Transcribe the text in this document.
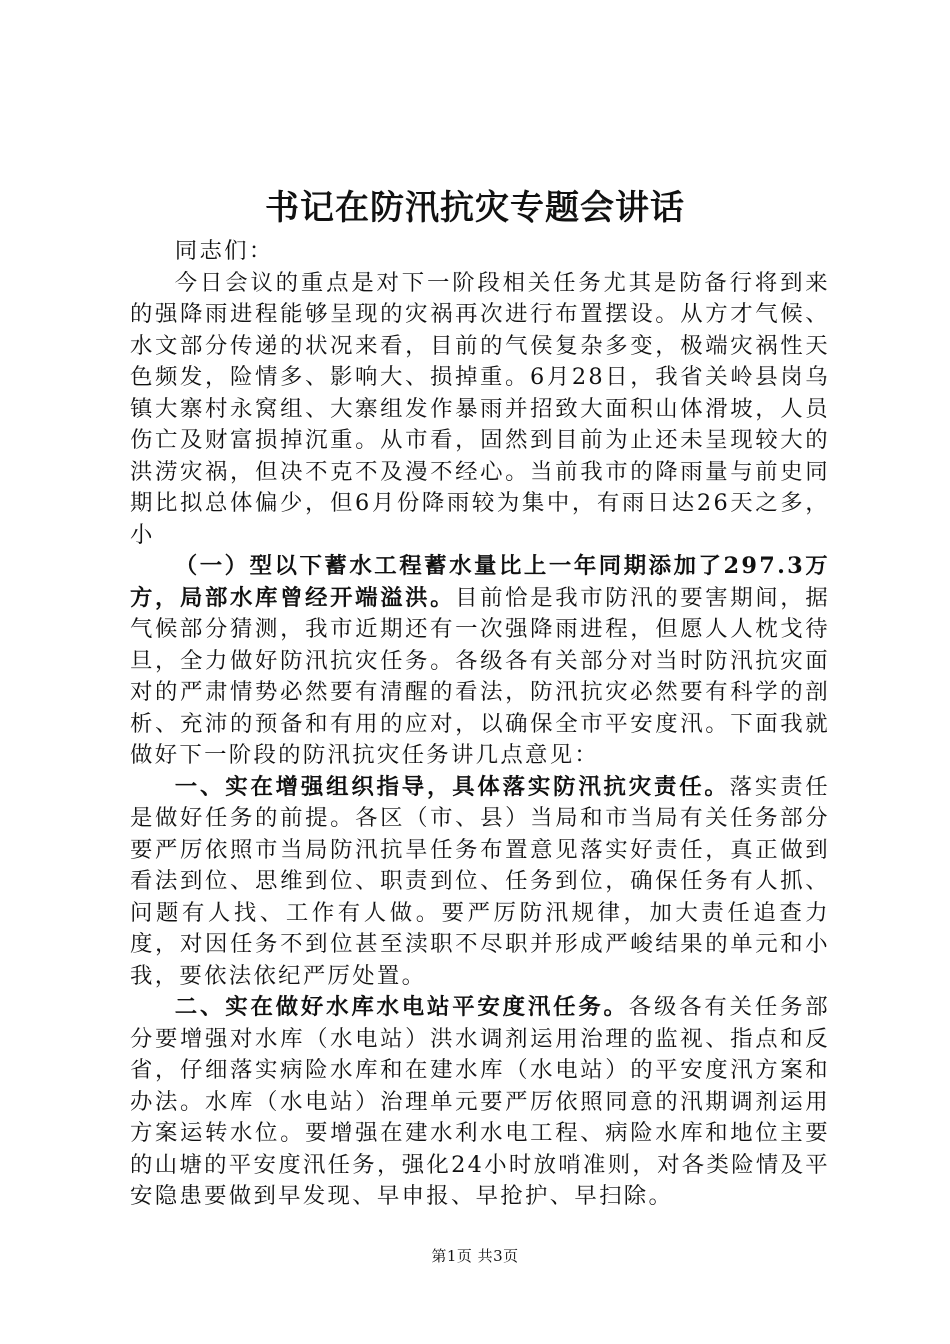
书记在防汛抗灾专题会讲话

同志们：

今日会议的重点是对下一阶段相关任务尤其是防备行将到来的强降雨进程能够呈现的灾祸再次进行布置摆设。从方才气候、水文部分传递的状况来看，目前的气侯复杂多变，极端灾祸性天色频发，险情多、影响大、损掉重。6月28日，我省关岭县岗乌镇大寨村永窝组、大寨组发作暴雨并招致大面积山体滑坡，人员伤亡及财富损掉沉重。从市看，固然到目前为止还未呈现较大的洪涝灾祸，但决不克不及漫不经心。当前我市的降雨量与前史同期比拟总体偏少，但6月份降雨较为集中，有雨日达26天之多，小

（一）型以下蓄水工程蓄水量比上一年同期添加了297.3万方，局部水库曾经开端溢洪。目前恰是我市防汛的要害期间，据气候部分猜测，我市近期还有一次强降雨进程，但愿人人枕戈待旦，全力做好防汛抗灾任务。各级各有关部分对当时防汛抗灾面对的严肃情势必然要有清醒的看法，防汛抗灾必然要有科学的剖析、充沛的预备和有用的应对，以确保全市平安度汛。下面我就做好下一阶段的防汛抗灾任务讲几点意见：

一、实在增强组织指导，具体落实防汛抗灾责任。落实责任是做好任务的前提。各区（市、县）当局和市当局有关任务部分要严厉依照市当局防汛抗旱任务布置意见落实好责任，真正做到看法到位、思维到位、职责到位、任务到位，确保任务有人抓、问题有人找、工作有人做。要严厉防汛规律，加大责任追查力度，对因任务不到位甚至渎职不尽职并形成严峻结果的单元和小我，要依法依纪严厉处置。

二、实在做好水库水电站平安度汛任务。各级各有关任务部分要增强对水库（水电站）洪水调剂运用治理的监视、指点和反省，仔细落实病险水库和在建水库（水电站）的平安度汛方案和办法。水库（水电站）治理单元要严厉依照同意的汛期调剂运用方案运转水位。要增强在建水利水电工程、病险水库和地位主要的山塘的平安度汛任务，强化24小时放哨准则，对各类险情及平安隐患要做到早发现、早申报、早抢护、早扫除。

第1页 共3页
